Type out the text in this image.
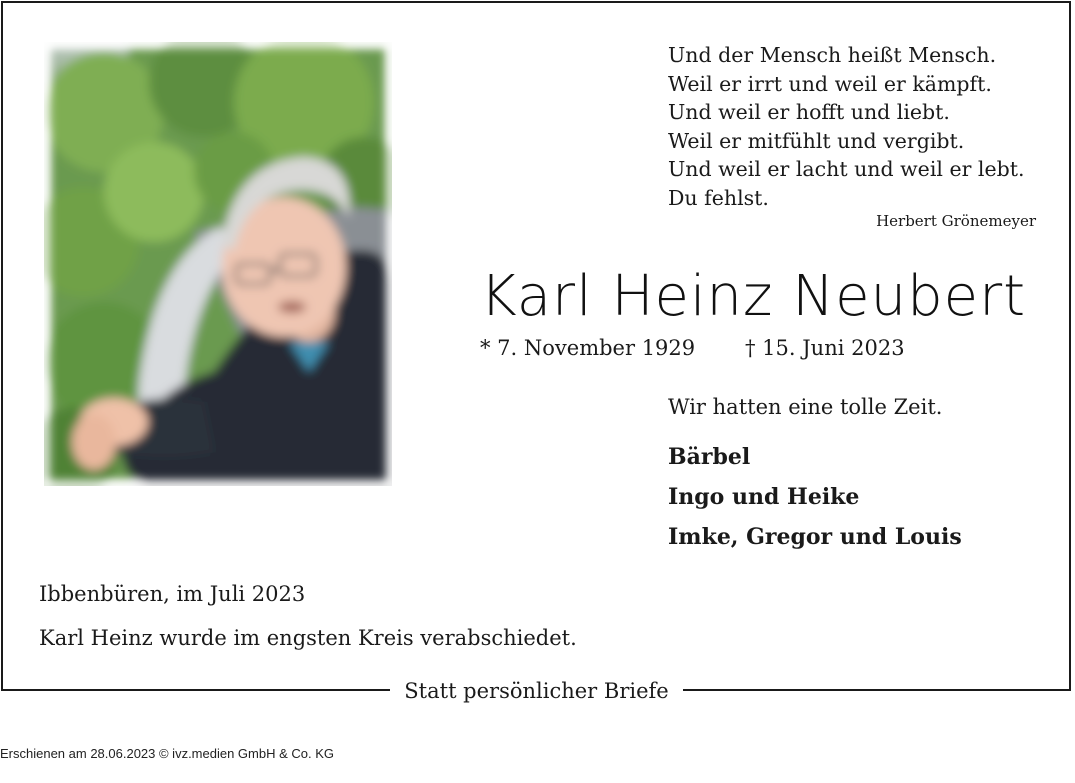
Statt persönlicher Briefe
Und der Mensch heißt Mensch.
Weil er irrt und weil er kämpft.
Und weil er hofft und liebt.
Weil er mitfühlt und vergibt.
Und weil er lacht und weil er lebt.
Du fehlst.
Herbert Grönemeyer
Karl Heinz Neubert
* 7. November 1929 † 15. Juni 2023
Wir hatten eine tolle Zeit.
Bärbel
Ingo und Heike
Imke, Gregor und Louis
Ibbenbüren, im Juli 2023
Karl Heinz wurde im engsten Kreis verabschiedet.
Erschienen am 28.06.2023 © ivz.medien GmbH & Co. KG
